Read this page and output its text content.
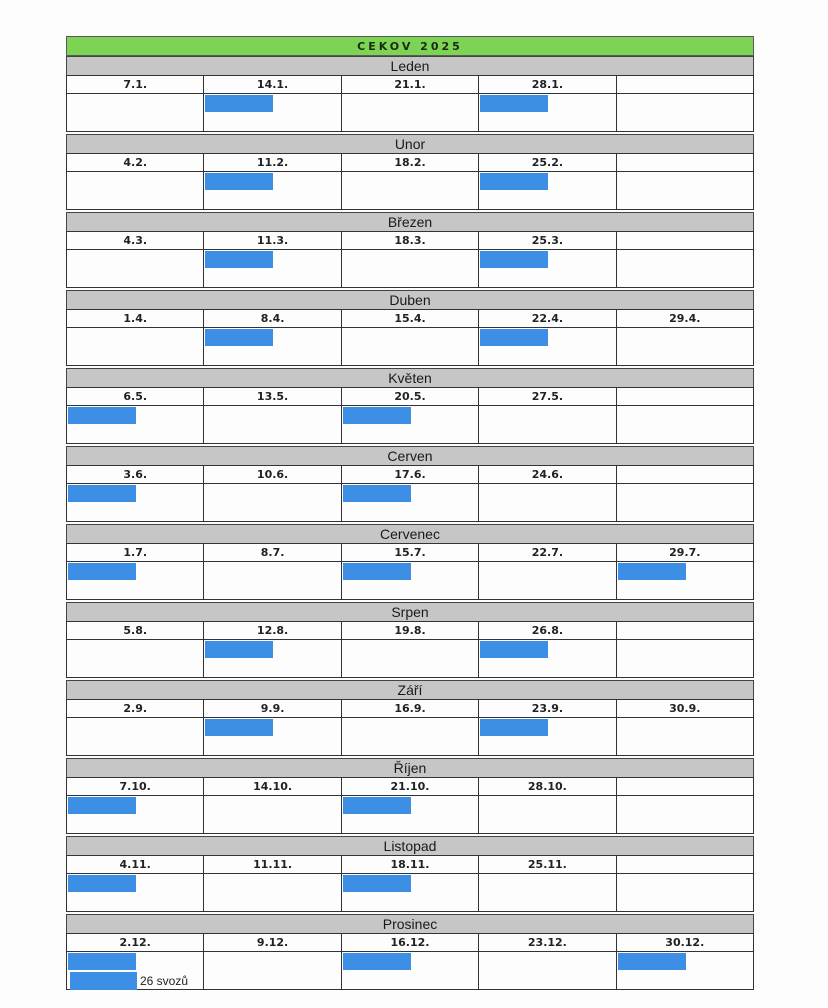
CEKOV 2025
Leden
7.1.	14.1.	21.1.	28.1.
Unor
4.2.	11.2.	18.2.	25.2.
Březen
4.3.	11.3.	18.3.	25.3.
Duben
1.4.	8.4.	15.4.	22.4.	29.4.
Květen
6.5.	13.5.	20.5.	27.5.
Cerven
3.6.	10.6.	17.6.	24.6.
Cervenec
1.7.	8.7.	15.7.	22.7.	29.7.
Srpen
5.8.	12.8.	19.8.	26.8.
Září
2.9.	9.9.	16.9.	23.9.	30.9.
Říjen
7.10.	14.10.	21.10.	28.10.
Listopad
4.11.	11.11.	18.11.	25.11.
Prosinec
2.12.	9.12.	16.12.	23.12.	30.12.
26 svozů
